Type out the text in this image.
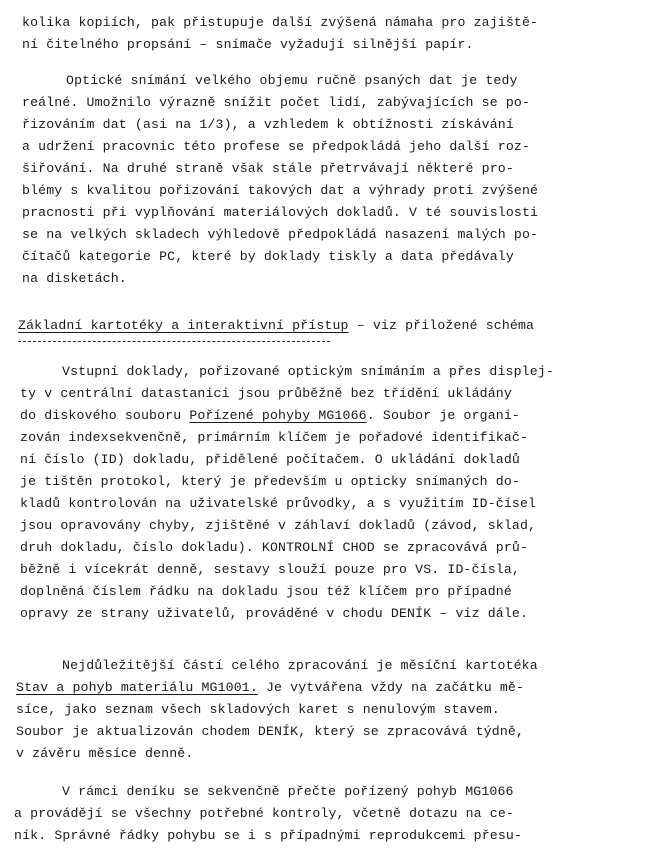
kolika kopiích, pak přistupuje další zvýšená námaha pro zajiště-
ní čitelného propsání – snímače vyžadují silnější papír.
Optické snímání velkého objemu ručně psaných dat je tedy
reálné. Umožnilo výrazně snížit počet lidí, zabývajících se po-
řizováním dat (asi na 1/3), a vzhledem k obtížnosti získávání
a udržení pracovnic této profese se předpokládá jeho další roz-
šiřování. Na druhé straně však stále přetrvávají některé pro-
blémy s kvalitou pořizování takových dat a výhrady proti zvýšené
pracnosti při vyplňování materiálových dokladů. V té souvislosti
se na velkých skladech výhledově předpokládá nasazení malých po-
čítačů kategorie PC, které by doklady tiskly a data předávaly
na disketách.
Základní kartotéky a interaktivní přístup – viz přiložené schéma
Vstupní doklady, pořizované optickým snímáním a přes displej-
ty v centrální datastanici jsou průběžně bez třídění ukládány
do diskového souboru Pořízené pohyby MG1066. Soubor je organi-
zován indexsekvenčně, primárním klíčem je pořadové identifikač-
ní číslo (ID) dokladu, přidělené počítačem. O ukládání dokladů
je tištěn protokol, který je především u opticky snímaných do-
kladů kontrolován na uživatelské průvodky, a s využitím ID-čísel
jsou opravovány chyby, zjištěné v záhlaví dokladů (závod, sklad,
druh dokladu, číslo dokladu). KONTROLNÍ CHOD se zpracovává prů-
běžně i vícekrát denně, sestavy slouží pouze pro VS. ID-čísla,
doplněná číslem řádku na dokladu jsou též klíčem pro případné
opravy ze strany uživatelů, prováděné v chodu DENÍK – viz dále.
Nejdůležitější částí celého zpracování je měsíční kartotéka
Stav a pohyb materiálu MG1001. Je vytvářena vždy na začátku mě-
síce, jako seznam všech skladových karet s nenulovým stavem.
Soubor je aktualizován chodem DENÍK, který se zpracovává týdně,
v závěru měsíce denně.
V rámci deníku se sekvenčně přečte pořízený pohyb MG1066
a provádějí se všechny potřebné kontroly, včetně dotazu na ce-
ník. Správné řádky pohybu se i s případnými reprodukcemi přesu-
